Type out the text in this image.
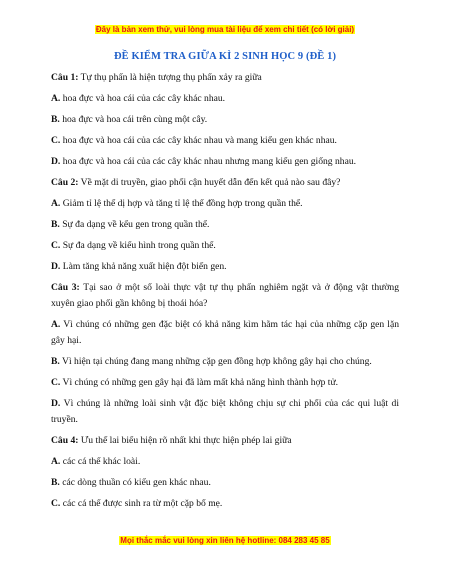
Đây là bản xem thử, vui lòng mua tài liệu để xem chi tiết (có lời giải)
ĐỀ KIỂM TRA GIỮA KÌ 2 SINH HỌC 9 (ĐỀ 1)

Câu 1: Tự thụ phấn là hiện tượng thụ phấn xảy ra giữa

A. hoa đực và hoa cái của các cây khác nhau.

B. hoa đực và hoa cái trên cùng một cây.

C. hoa đực và hoa cái của các cây khác nhau và mang kiểu gen khác nhau.

D. hoa đực và hoa cái của các cây khác nhau nhưng mang kiểu gen giống nhau.

Câu 2: Về mặt di truyền, giao phối cận huyết dẫn đến kết quả nào sau đây?

A. Giảm tỉ lệ thể dị hợp và tăng tỉ lệ thể đồng hợp trong quần thể.

B. Sự đa dạng về kểu gen trong quần thể.

C. Sự đa dạng về kiểu hình trong quần thể.

D. Làm tăng khả năng xuất hiện đột biến gen.

Câu 3: Tại sao ở một số loài thực vật tự thụ phấn nghiêm ngặt và ở động vật thường xuyên giao phối gần không bị thoái hóa?

A. Vì chúng có những gen đặc biệt có khả năng kìm hãm tác hại của những cặp gen lặn gây hại.

B. Vì hiện tại chúng đang mang những cặp gen đồng hợp không gây hại cho chúng.

C. Vì chúng có những gen gây hại đã làm mất khả năng hình thành hợp tử.

D. Vì chúng là những loài sinh vật đặc biệt không chịu sự chi phối của các qui luật di truyền.

Câu 4: Ưu thế lai biểu hiện rõ nhất khi thực hiện phép lai giữa

A. các cá thể khác loài.

B. các dòng thuần có kiểu gen khác nhau.

C. các cá thể được sinh ra từ một cặp bố mẹ.

Mọi thắc mắc vui lòng xin liên hệ hotline: 084 283 45 85
